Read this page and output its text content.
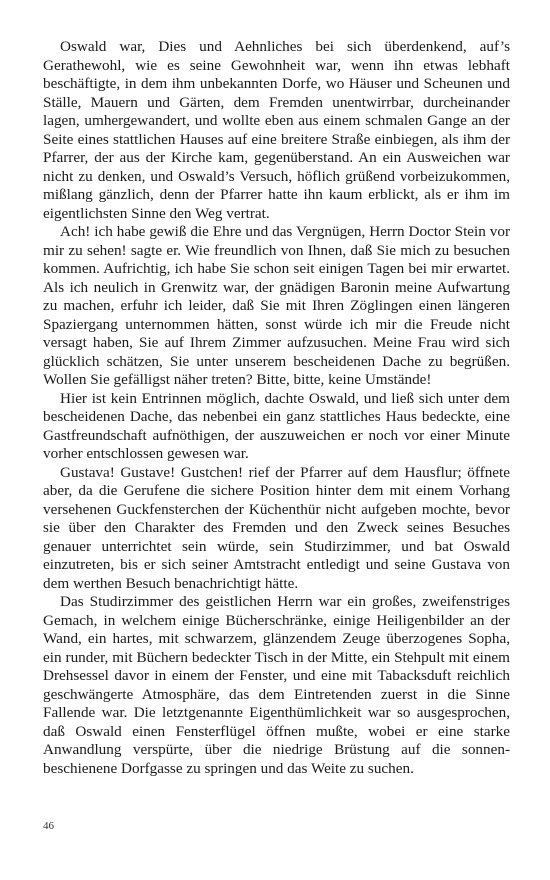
Oswald war, Dies und Aehnliches bei sich überdenkend, auf’s Gerathewohl, wie es seine Gewohnheit war, wenn ihn etwas lebhaft beschäftigte, in dem ihm unbekannten Dorfe, wo Häuser und Scheunen und Ställe, Mauern und Gärten, dem Fremden unentwirrbar, durcheinander lagen, umhergewandert, und wollte eben aus einem schmalen Gange an der Seite eines stattlichen Hauses auf eine breitere Straße einbiegen, als ihm der Pfarrer, der aus der Kirche kam, gegenüberstand. An ein Ausweichen war nicht zu denken, und Oswald’s Versuch, höflich grüßend vorbeizukommen, mißlang gänzlich, denn der Pfarrer hatte ihn kaum erblickt, als er ihm im eigentlichsten Sinne den Weg vertrat.

Ach! ich habe gewiß die Ehre und das Vergnügen, Herrn Doctor Stein vor mir zu sehen! sagte er. Wie freundlich von Ihnen, daß Sie mich zu besuchen kommen. Aufrichtig, ich habe Sie schon seit einigen Tagen bei mir erwartet. Als ich neulich in Grenwitz war, der gnädigen Baronin meine Aufwartung zu machen, erfuhr ich leider, daß Sie mit Ihren Zöglingen einen längeren Spaziergang unternommen hätten, sonst würde ich mir die Freude nicht versagt haben, Sie auf Ihrem Zimmer aufzusuchen. Meine Frau wird sich glücklich schätzen, Sie unter unserem bescheidenen Dache zu begrüßen. Wollen Sie gefälligst näher treten? Bitte, bitte, keine Umstände!

Hier ist kein Entrinnen möglich, dachte Oswald, und ließ sich unter dem bescheidenen Dache, das nebenbei ein ganz stattliches Haus bedeckte, eine Gastfreundschaft aufnöthigen, der auszuweichen er noch vor einer Minute vorher entschlossen gewesen war.

Gustava! Gustave! Gustchen! rief der Pfarrer auf dem Hausflur; öffnete aber, da die Gerufene die sichere Position hinter dem mit einem Vorhang versehenen Guckfensterchen der Küchenthür nicht aufgeben mochte, bevor sie über den Charakter des Fremden und den Zweck seines Besuches genauer unterrichtet sein würde, sein Studirzimmer, und bat Oswald einzutreten, bis er sich seiner Amtstracht entledigt und seine Gustava von dem werthen Besuch benachrichtigt hätte.

Das Studirzimmer des geistlichen Herrn war ein großes, zweifenstriges Gemach, in welchem einige Bücherschränke, einige Heiligenbilder an der Wand, ein hartes, mit schwarzem, glänzendem Zeuge überzogenes Sopha, ein runder, mit Büchern bedeckter Tisch in der Mitte, ein Stehpult mit einem Drehsessel davor in einem der Fenster, und eine mit Tabacksduft reichlich geschwängerte Atmosphäre, das dem Eintretenden zuerst in die Sinne Fallende war. Die letztgenannte Eigenthümlichkeit war so ausgesprochen, daß Oswald einen Fensterflügel öffnen mußte, wobei er eine starke Anwandlung verspürte, über die niedrige Brüstung auf die sonnenbeschienene Dorfgasse zu springen und das Weite zu suchen.

46
